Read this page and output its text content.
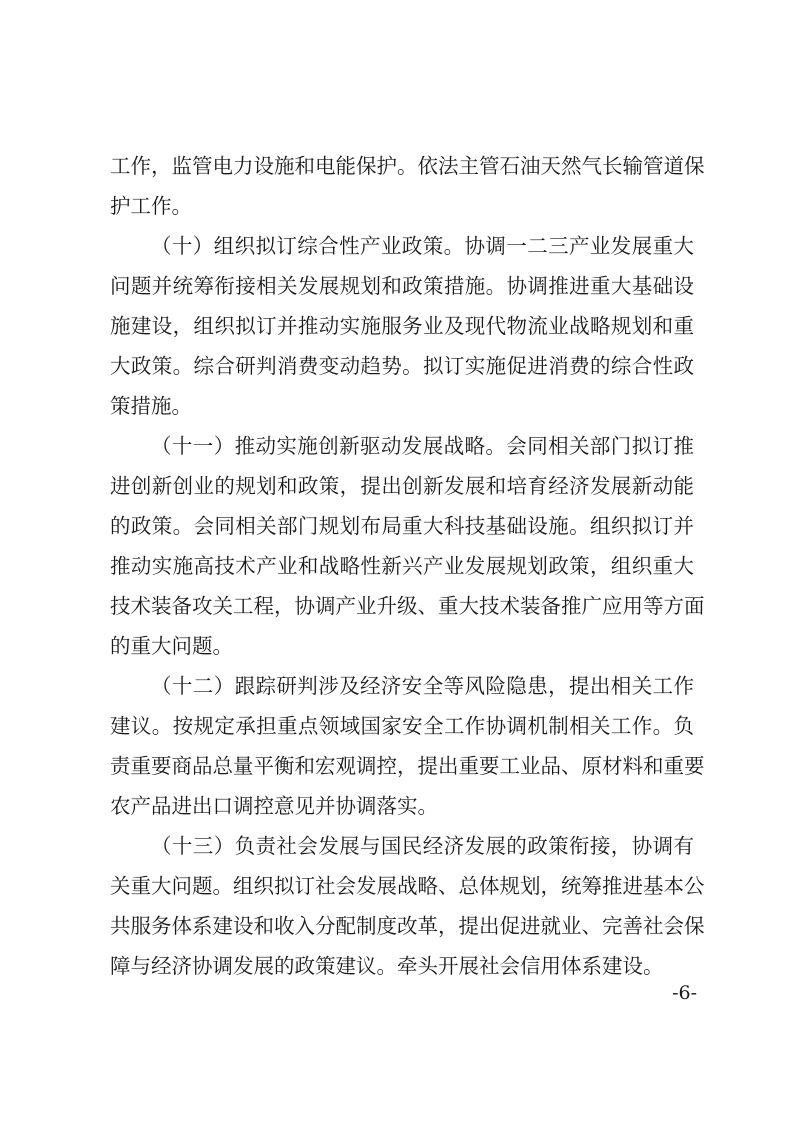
工作，监管电力设施和电能保护。依法主管石油天然气长输管道保
护工作。

（十）组织拟订综合性产业政策。协调一二三产业发展重大
问题并统筹衔接相关发展规划和政策措施。协调推进重大基础设
施建设，组织拟订并推动实施服务业及现代物流业战略规划和重
大政策。综合研判消费变动趋势。拟订实施促进消费的综合性政
策措施。

（十一）推动实施创新驱动发展战略。会同相关部门拟订推
进创新创业的规划和政策，提出创新发展和培育经济发展新动能
的政策。会同相关部门规划布局重大科技基础设施。组织拟订并
推动实施高技术产业和战略性新兴产业发展规划政策，组织重大
技术装备攻关工程，协调产业升级、重大技术装备推广应用等方面
的重大问题。

（十二）跟踪研判涉及经济安全等风险隐患，提出相关工作
建议。按规定承担重点领域国家安全工作协调机制相关工作。负
责重要商品总量平衡和宏观调控，提出重要工业品、原材料和重要
农产品进出口调控意见并协调落实。

（十三）负责社会发展与国民经济发展的政策衔接，协调有
关重大问题。组织拟订社会发展战略、总体规划，统筹推进基本公
共服务体系建设和收入分配制度改革，提出促进就业、完善社会保
障与经济协调发展的政策建议。牵头开展社会信用体系建设。

-6-
